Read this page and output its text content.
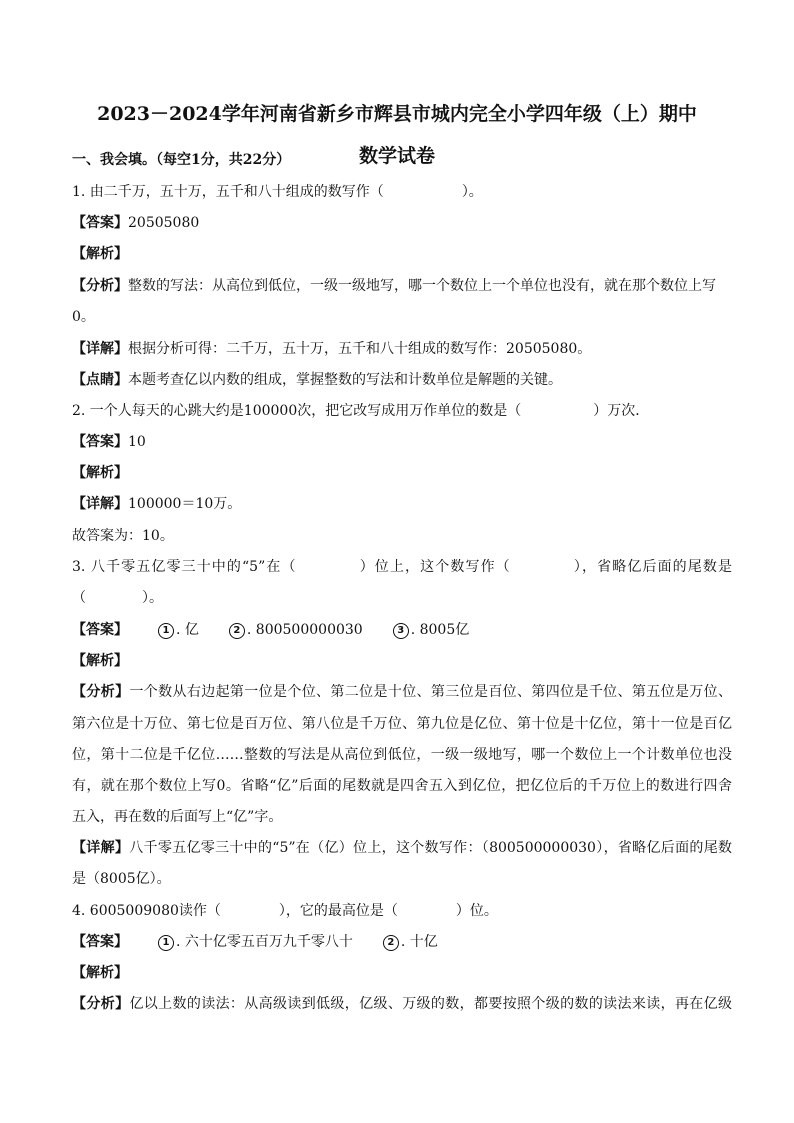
2023－2024学年河南省新乡市辉县市城内完全小学四年级（上）期中
数学试卷
一、我会填。（每空1分，共22分）
1. 由二千万，五十万，五千和八十组成的数写作（	）。
【答案】20505080
【解析】
【分析】整数的写法：从高位到低位，一级一级地写，哪一个数位上一个单位也没有，就在那个数位上写
0。
【详解】根据分析可得：二千万，五十万，五千和八十组成的数写作：20505080。
【点睛】本题考查亿以内数的组成，掌握整数的写法和计数单位是解题的关键。
2. 一个人每天的心跳大约是100000次，把它改写成用万作单位的数是（	）万次．
【答案】10
【解析】
【详解】100000＝10万。
故答案为：10。
3. 八千零五亿零三十中的“5”在（	）位上，这个数写作（	），省略亿后面的尾数是
（	）。
【答案】	1 . 亿	2 . 800500000030	3 . 8005亿
【解析】
【分析】一个数从右边起第一位是个位、第二位是十位、第三位是百位、第四位是千位、第五位是万位、
第六位是十万位、第七位是百万位、第八位是千万位、第九位是亿位、第十位是十亿位，第十一位是百亿
位，第十二位是千亿位……整数的写法是从高位到低位，一级一级地写，哪一个数位上一个计数单位也没
有，就在那个数位上写0。省略“亿”后面的尾数就是四舍五入到亿位，把亿位后的千万位上的数进行四舍
五入，再在数的后面写上“亿”字。
【详解】八千零五亿零三十中的“5”在（亿）位上，这个数写作：（800500000030），省略亿后面的尾数
是（8005亿）。
4. 6005009080读作（	），它的最高位是（	）位。
【答案】	1 . 六十亿零五百万九千零八十	2 . 十亿
【解析】
【分析】亿以上数的读法：从高级读到低级，亿级、万级的数，都要按照个级的数的读法来读，再在亿级
